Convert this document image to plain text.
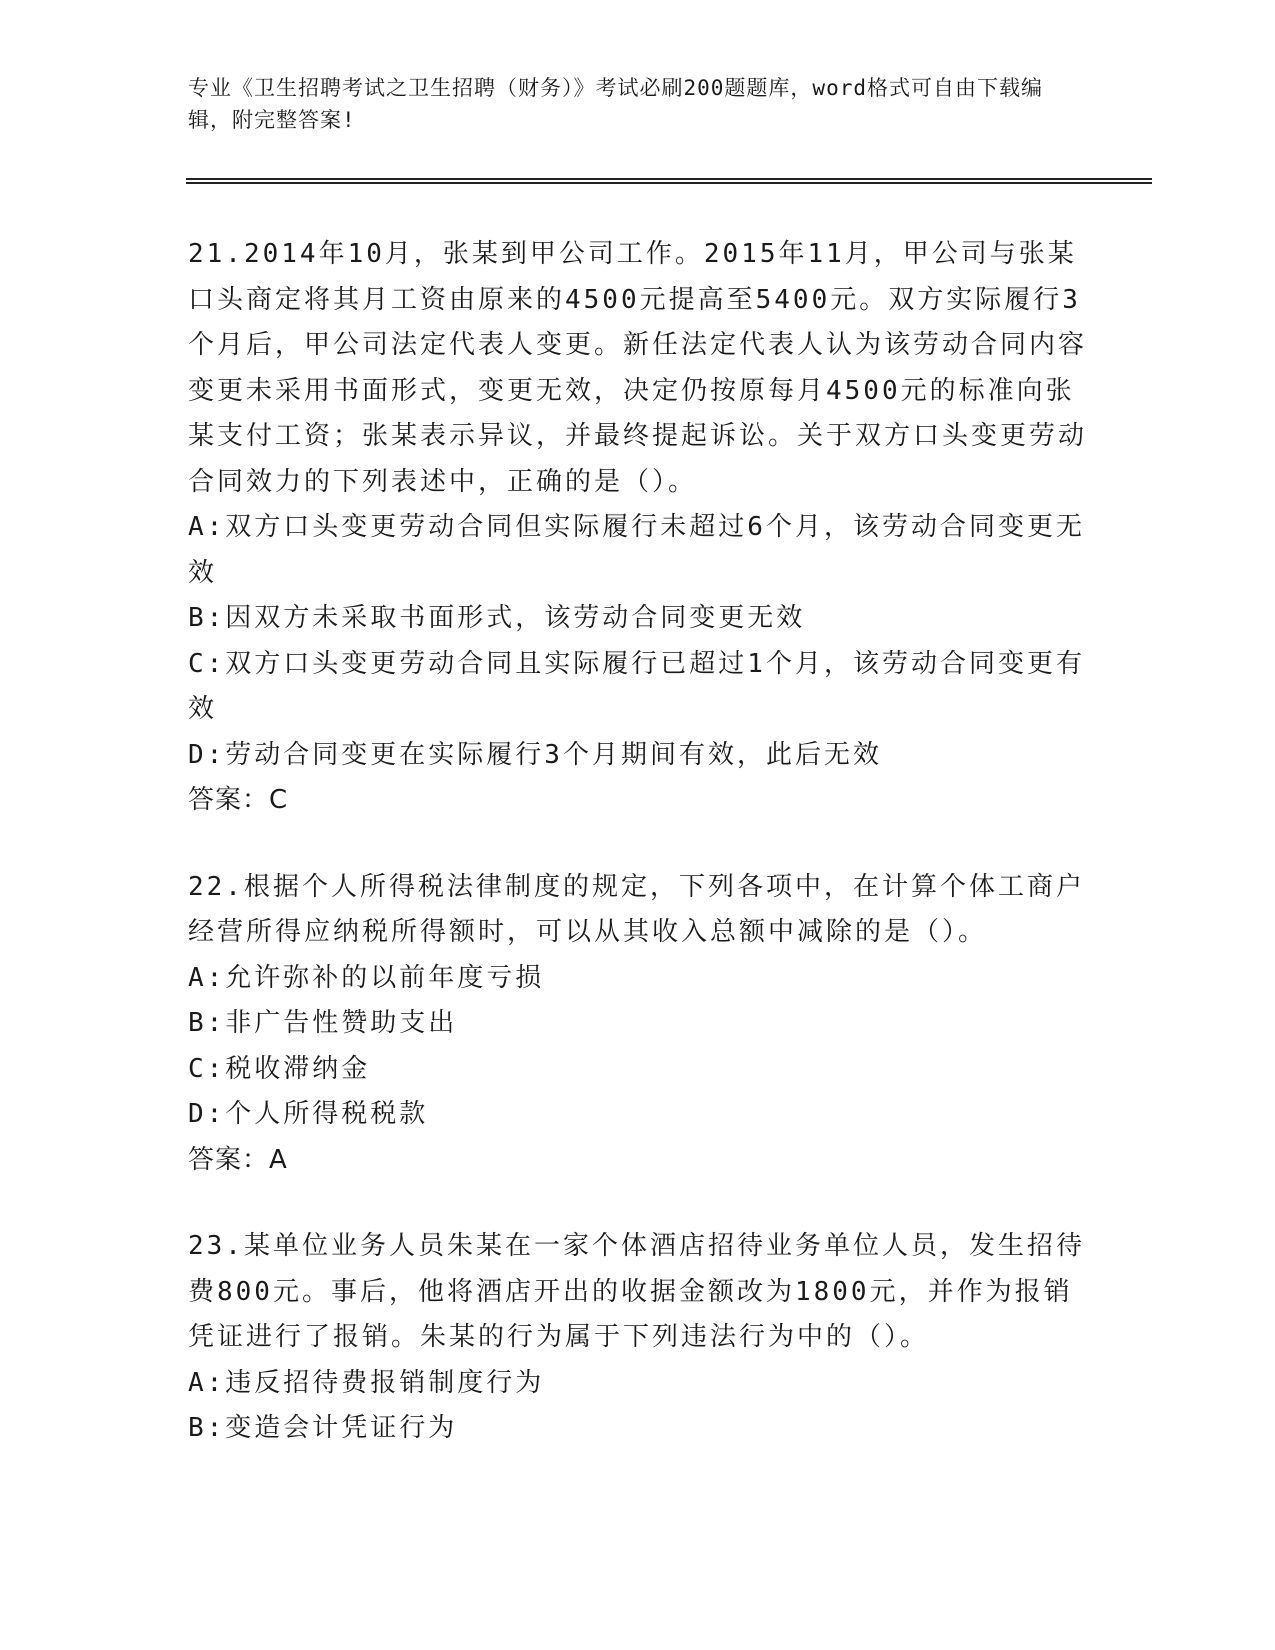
专业《卫生招聘考试之卫生招聘（财务）》考试必刷200题题库，word格式可自由下载编辑，附完整答案!

21.2014年10月，张某到甲公司工作。2015年11月，甲公司与张某口头商定将其月工资由原来的4500元提高至5400元。双方实际履行3个月后，甲公司法定代表人变更。新任法定代表人认为该劳动合同内容变更未采用书面形式，变更无效，决定仍按原每月4500元的标准向张某支付工资；张某表示异议，并最终提起诉讼。关于双方口头变更劳动合同效力的下列表述中，正确的是（）。

A:双方口头变更劳动合同但实际履行未超过6个月，该劳动合同变更无效

B:因双方未采取书面形式，该劳动合同变更无效

C:双方口头变更劳动合同且实际履行已超过1个月，该劳动合同变更有效

D:劳动合同变更在实际履行3个月期间有效，此后无效

答案：C

22.根据个人所得税法律制度的规定，下列各项中，在计算个体工商户经营所得应纳税所得额时，可以从其收入总额中减除的是（）。

A:允许弥补的以前年度亏损

B:非广告性赞助支出

C:税收滞纳金

D:个人所得税税款

答案：A

23.某单位业务人员朱某在一家个体酒店招待业务单位人员，发生招待费800元。事后，他将酒店开出的收据金额改为1800元，并作为报销凭证进行了报销。朱某的行为属于下列违法行为中的（）。

A:违反招待费报销制度行为

B:变造会计凭证行为
